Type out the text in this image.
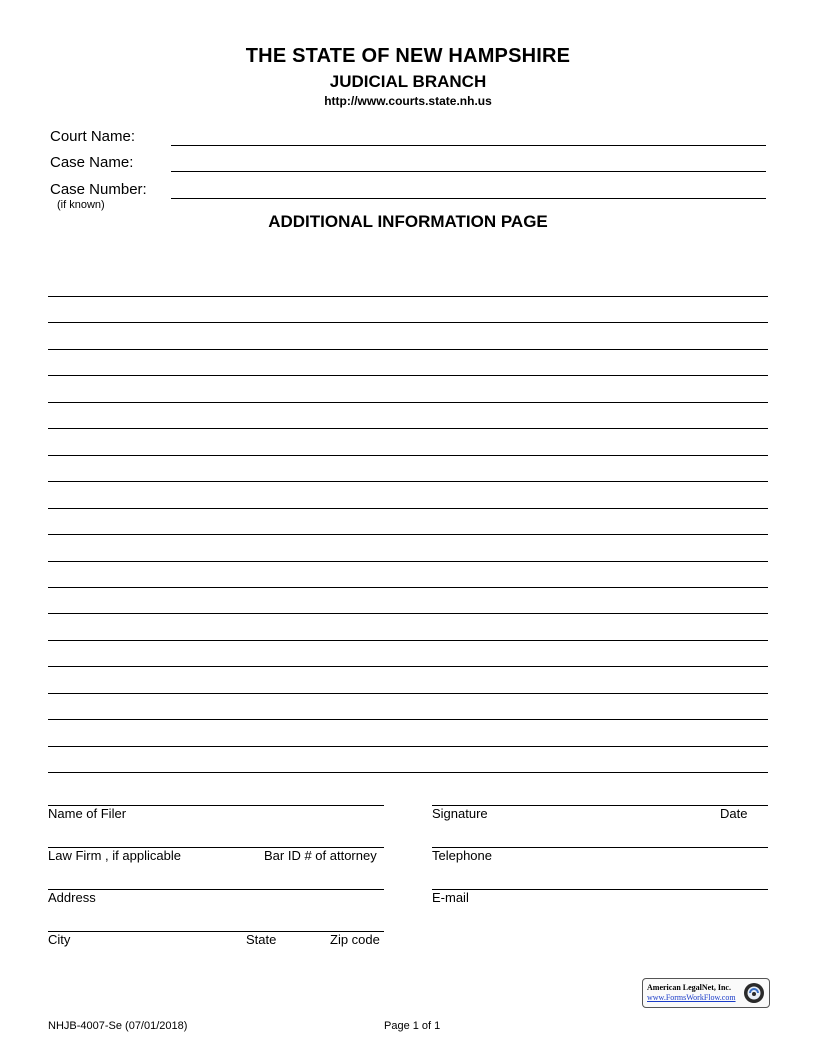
THE STATE OF NEW HAMPSHIRE
JUDICIAL BRANCH
http://www.courts.state.nh.us
Court Name:
Case Name:
Case Number:
(if known)
ADDITIONAL INFORMATION PAGE
Name of Filer
Law Firm , if applicable	Bar ID # of attorney
Address
City	State	Zip code
Signature	Date
Telephone
E-mail
American LegalNet, Inc.
www.FormsWorkFlow.com
NHJB-4007-Se (07/01/2018)	Page 1 of 1
